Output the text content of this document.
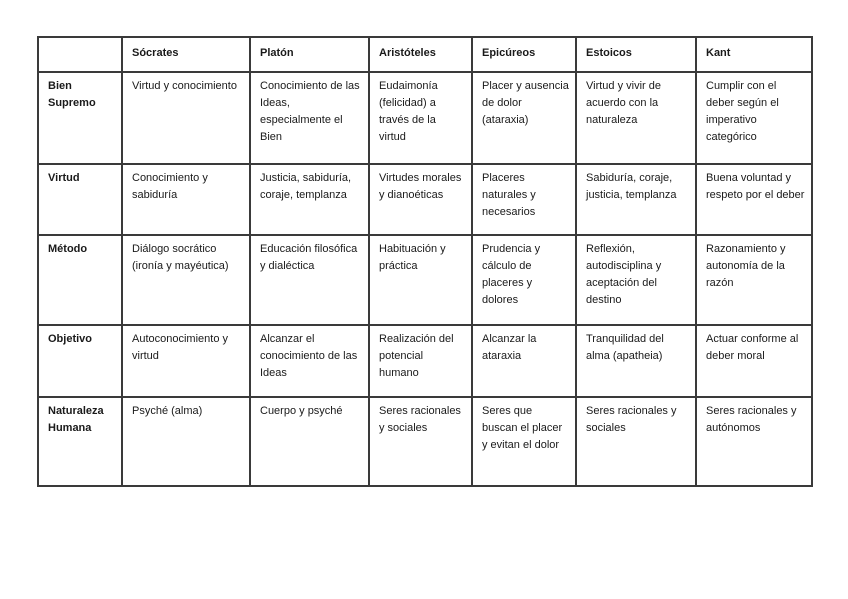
	Sócrates	Platón	Aristóteles	Epicúreos	Estoicos	Kant
Bien Supremo	Virtud y conocimiento	Conocimiento de las Ideas, especialmente el Bien	Eudaimonía (felicidad) a través de la virtud	Placer y ausencia de dolor (ataraxia)	Virtud y vivir de acuerdo con la naturaleza	Cumplir con el deber según el imperativo categórico
Virtud	Conocimiento y sabiduría	Justicia, sabiduría, coraje, templanza	Virtudes morales y dianoéticas	Placeres naturales y necesarios	Sabiduría, coraje, justicia, templanza	Buena voluntad y respeto por el deber
Método	Diálogo socrático (ironía y mayéutica)	Educación filosófica y dialéctica	Habituación y práctica	Prudencia y cálculo de placeres y dolores	Reflexión, autodisciplina y aceptación del destino	Razonamiento y autonomía de la razón
Objetivo	Autoconocimiento y virtud	Alcanzar el conocimiento de las Ideas	Realización del potencial humano	Alcanzar la ataraxia	Tranquilidad del alma (apatheia)	Actuar conforme al deber moral
Naturaleza Humana	Psyché (alma)	Cuerpo y psyché	Seres racionales y sociales	Seres que buscan el placer y evitan el dolor	Seres racionales y sociales	Seres racionales y autónomos
